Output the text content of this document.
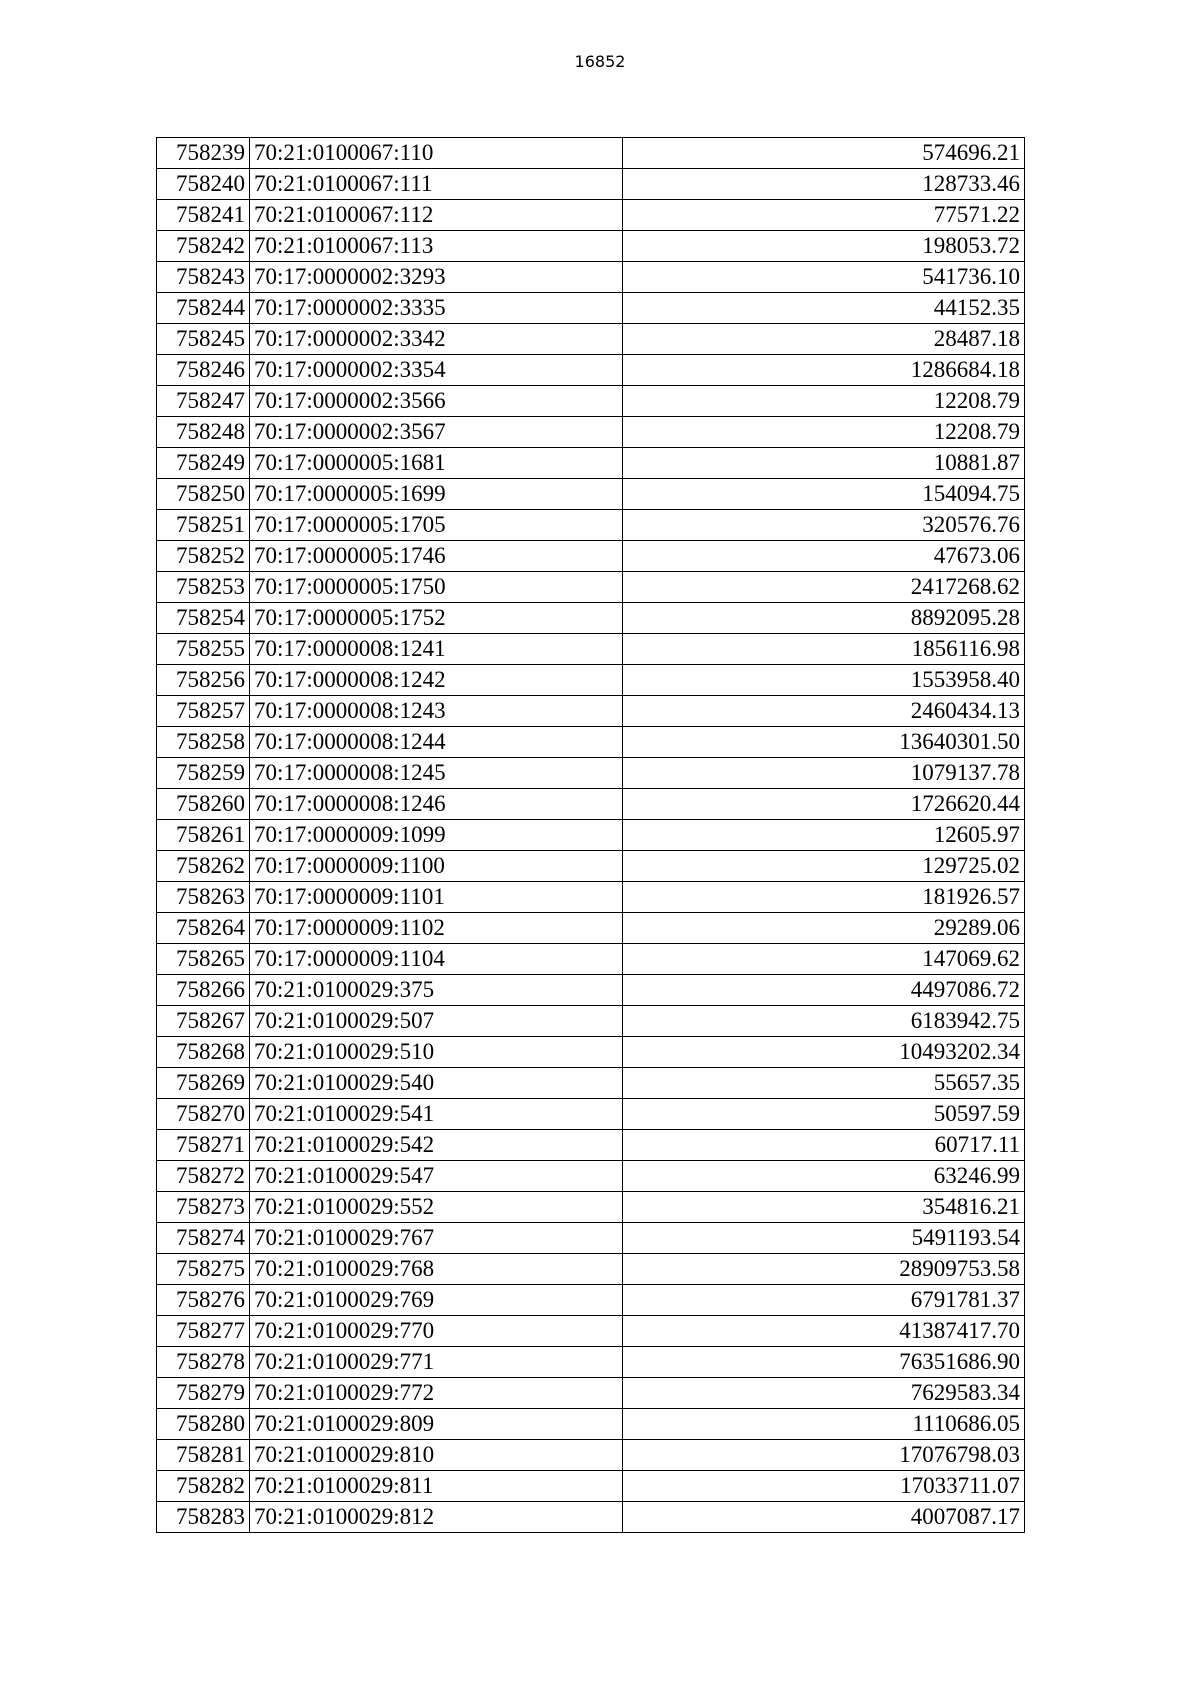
16852
758239	70:21:0100067:110	574696.21
758240	70:21:0100067:111	128733.46
758241	70:21:0100067:112	77571.22
758242	70:21:0100067:113	198053.72
758243	70:17:0000002:3293	541736.10
758244	70:17:0000002:3335	44152.35
758245	70:17:0000002:3342	28487.18
758246	70:17:0000002:3354	1286684.18
758247	70:17:0000002:3566	12208.79
758248	70:17:0000002:3567	12208.79
758249	70:17:0000005:1681	10881.87
758250	70:17:0000005:1699	154094.75
758251	70:17:0000005:1705	320576.76
758252	70:17:0000005:1746	47673.06
758253	70:17:0000005:1750	2417268.62
758254	70:17:0000005:1752	8892095.28
758255	70:17:0000008:1241	1856116.98
758256	70:17:0000008:1242	1553958.40
758257	70:17:0000008:1243	2460434.13
758258	70:17:0000008:1244	13640301.50
758259	70:17:0000008:1245	1079137.78
758260	70:17:0000008:1246	1726620.44
758261	70:17:0000009:1099	12605.97
758262	70:17:0000009:1100	129725.02
758263	70:17:0000009:1101	181926.57
758264	70:17:0000009:1102	29289.06
758265	70:17:0000009:1104	147069.62
758266	70:21:0100029:375	4497086.72
758267	70:21:0100029:507	6183942.75
758268	70:21:0100029:510	10493202.34
758269	70:21:0100029:540	55657.35
758270	70:21:0100029:541	50597.59
758271	70:21:0100029:542	60717.11
758272	70:21:0100029:547	63246.99
758273	70:21:0100029:552	354816.21
758274	70:21:0100029:767	5491193.54
758275	70:21:0100029:768	28909753.58
758276	70:21:0100029:769	6791781.37
758277	70:21:0100029:770	41387417.70
758278	70:21:0100029:771	76351686.90
758279	70:21:0100029:772	7629583.34
758280	70:21:0100029:809	1110686.05
758281	70:21:0100029:810	17076798.03
758282	70:21:0100029:811	17033711.07
758283	70:21:0100029:812	4007087.17
